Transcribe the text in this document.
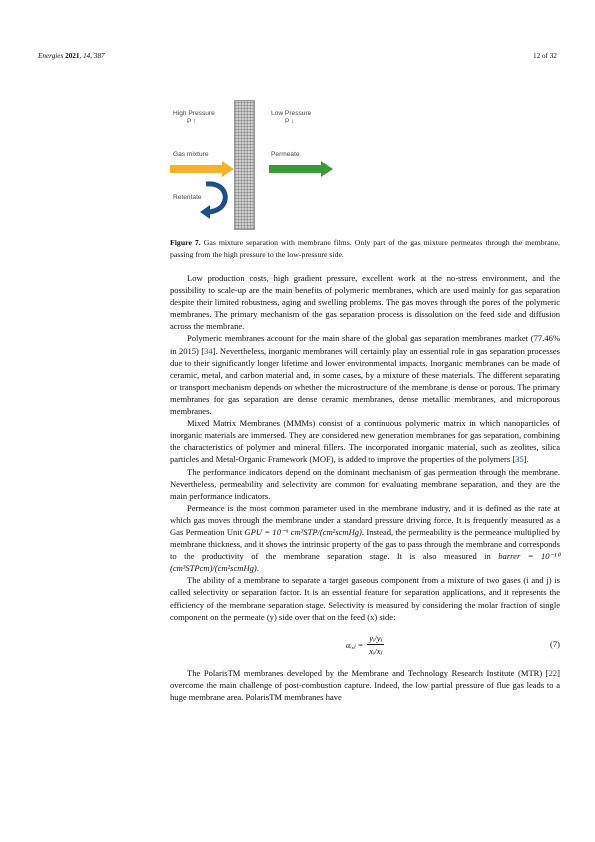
Energies 2021, 14, 387	12 of 32
High Pressure
P ↑
Gas mixture
Retentate
Low Pressure
P ↓
Permeate
Figure 7. Gas mixture separation with membrane films. Only part of the gas mixture permeates through the membrane, passing from the high pressure to the low-pressure side.

Low production costs, high gradient pressure, excellent work at the no-stress environment, and the possibility to scale-up are the main benefits of polymeric membranes, which are used mainly for gas separation despite their limited robustness, aging and swelling problems. The gas moves through the pores of the polymeric membranes. The primary mechanism of the gas separation process is dissolution on the feed side and diffusion across the membrane.

Polymeric membranes account for the main share of the global gas separation membranes market (77.46% in 2015) [34]. Nevertheless, inorganic membranes will certainly play an essential role in gas separation processes due to their significantly longer lifetime and lower environmental impacts. Inorganic membranes can be made of ceramic, metal, and carbon material and, in some cases, by a mixture of these materials. The different separating or transport mechanism depends on whether the microstructure of the membrane is dense or porous. The primary membranes for gas separation are dense ceramic membranes, dense metallic membranes, and microporous membranes.

Mixed Matrix Membranes (MMMs) consist of a continuous polymeric matrix in which nanoparticles of inorganic materials are immersed. They are considered new generation membranes for gas separation, combining the characteristics of polymer and mineral fillers. The incorporated inorganic material, such as zeolites, silica particles and Metal-Organic Framework (MOF), is added to improve the properties of the polymers [35].

The performance indicators depend on the dominant mechanism of gas permeation through the membrane. Nevertheless, permeability and selectivity are common for evaluating membrane separation, and they are the main performance indicators.

Permeance is the most common parameter used in the membrane industry, and it is defined as the rate at which gas moves through the membrane under a standard pressure driving force. It is frequently measured as a Gas Permeation Unit GPU = 10⁻⁶ cm³STP/(cm²scmHg). Instead, the permeability is the permeance multiplied by membrane thickness, and it shows the intrinsic property of the gas to pass through the membrane and corresponds to the productivity of the membrane separation stage. It is also measured in barrer = 10⁻¹⁰ (cm³STPcm)/(cm²scmHg).

The ability of a membrane to separate a target gaseous component from a mixture of two gases (i and j) is called selectivity or separation factor. It is an essential feature for separation applications, and it represents the efficiency of the membrane separation stage. Selectivity is measured by considering the molar fraction of single component on the permeate (y) side over that on the feed (x) side:

αᵢ,ⱼ = $\frac{\text{yᵢ/yⱼ}}{\text{xᵢ/xⱼ}}$	(7)

The PolarisTM membranes developed by the Membrane and Technology Research Institute (MTR) [22] overcome the main challenge of post-combustion capture. Indeed, the low partial pressure of flue gas leads to a huge membrane area. PolarisTM membranes have
